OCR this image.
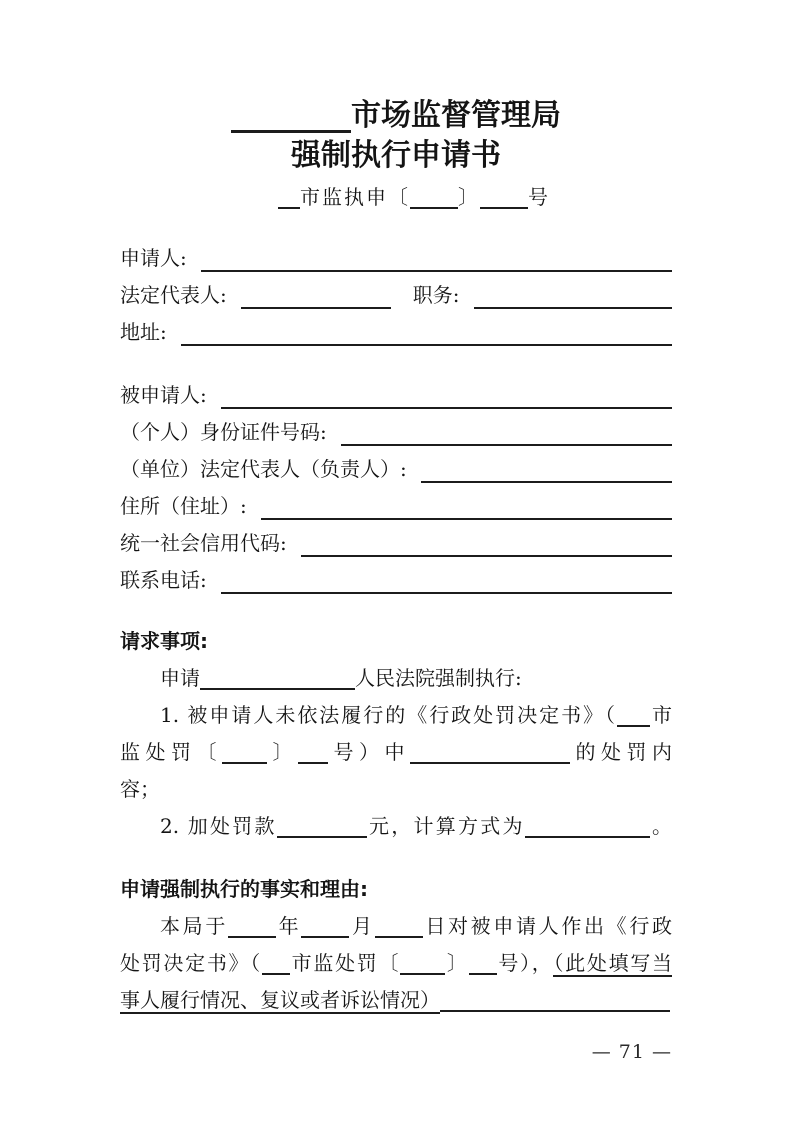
市场监督管理局
强制执行申请书
市监执申〔 〕 号
申请人:
法定代表人:	职务:
地址:
被申请人:
（个人）身份证件号码:
（单位）法定代表人（负责人）:
住所（住址）:
统一社会信用代码:
联系电话:
请求事项:
申请	人民法院强制执行:
1. 被申请人未依法履行的《行政处罚决定书》（ 市
监处罚〔 〕 号）中	的处罚内
容；
2. 加处罚款	元，计算方式为	。
申请强制执行的事实和理由:
本局于 年 月 日对被申请人作出《行政
处罚决定书》（ 市监处罚〔 〕 号），（此处填写当
事人履行情况、复议或者诉讼情况）
— 71 —
